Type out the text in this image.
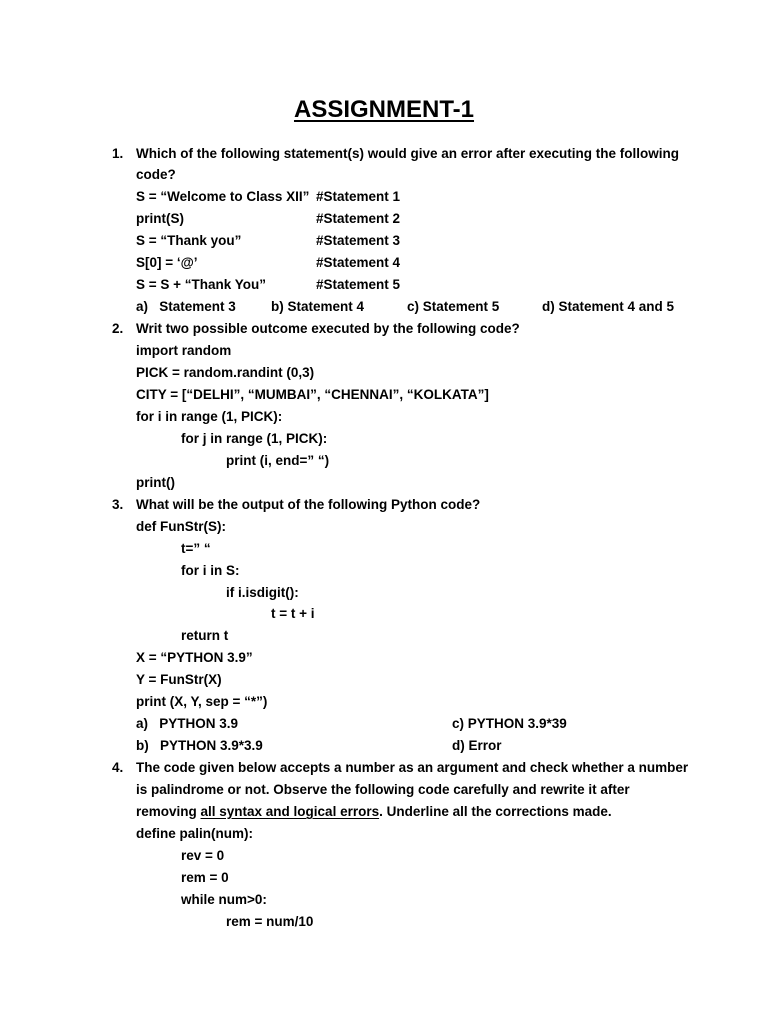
ASSIGNMENT-1
1. Which of the following statement(s) would give an error after executing the following
code?
S = “Welcome to Class XII” #Statement 1
print(S)	#Statement 2
S = “Thank you”	#Statement 3
S[0] = ‘@’	#Statement 4
S = S + “Thank You”	#Statement 5
a)   Statement 3	b) Statement 4	c) Statement 5	d) Statement 4 and 5
2. Writ two possible outcome executed by the following code?
import random
PICK = random.randint (0,3)
CITY = [“DELHI”, “MUMBAI”, “CHENNAI”, “KOLKATA”]
for i in range (1, PICK):
for j in range (1, PICK):
print (i, end=” “)
print()
3. What will be the output of the following Python code?
def FunStr(S):
t=” “
for i in S:
if i.isdigit():
t = t + i
return t
X = “PYTHON 3.9”
Y = FunStr(X)
print (X, Y, sep = “*”)
a)   PYTHON 3.9	c) PYTHON 3.9*39
b)   PYTHON 3.9*3.9	d) Error
4. The code given below accepts a number as an argument and check whether a number
is palindrome or not. Observe the following code carefully and rewrite it after
removing all syntax and logical errors. Underline all the corrections made.
define palin(num):
rev = 0
rem = 0
while num>0:
rem = num/10
